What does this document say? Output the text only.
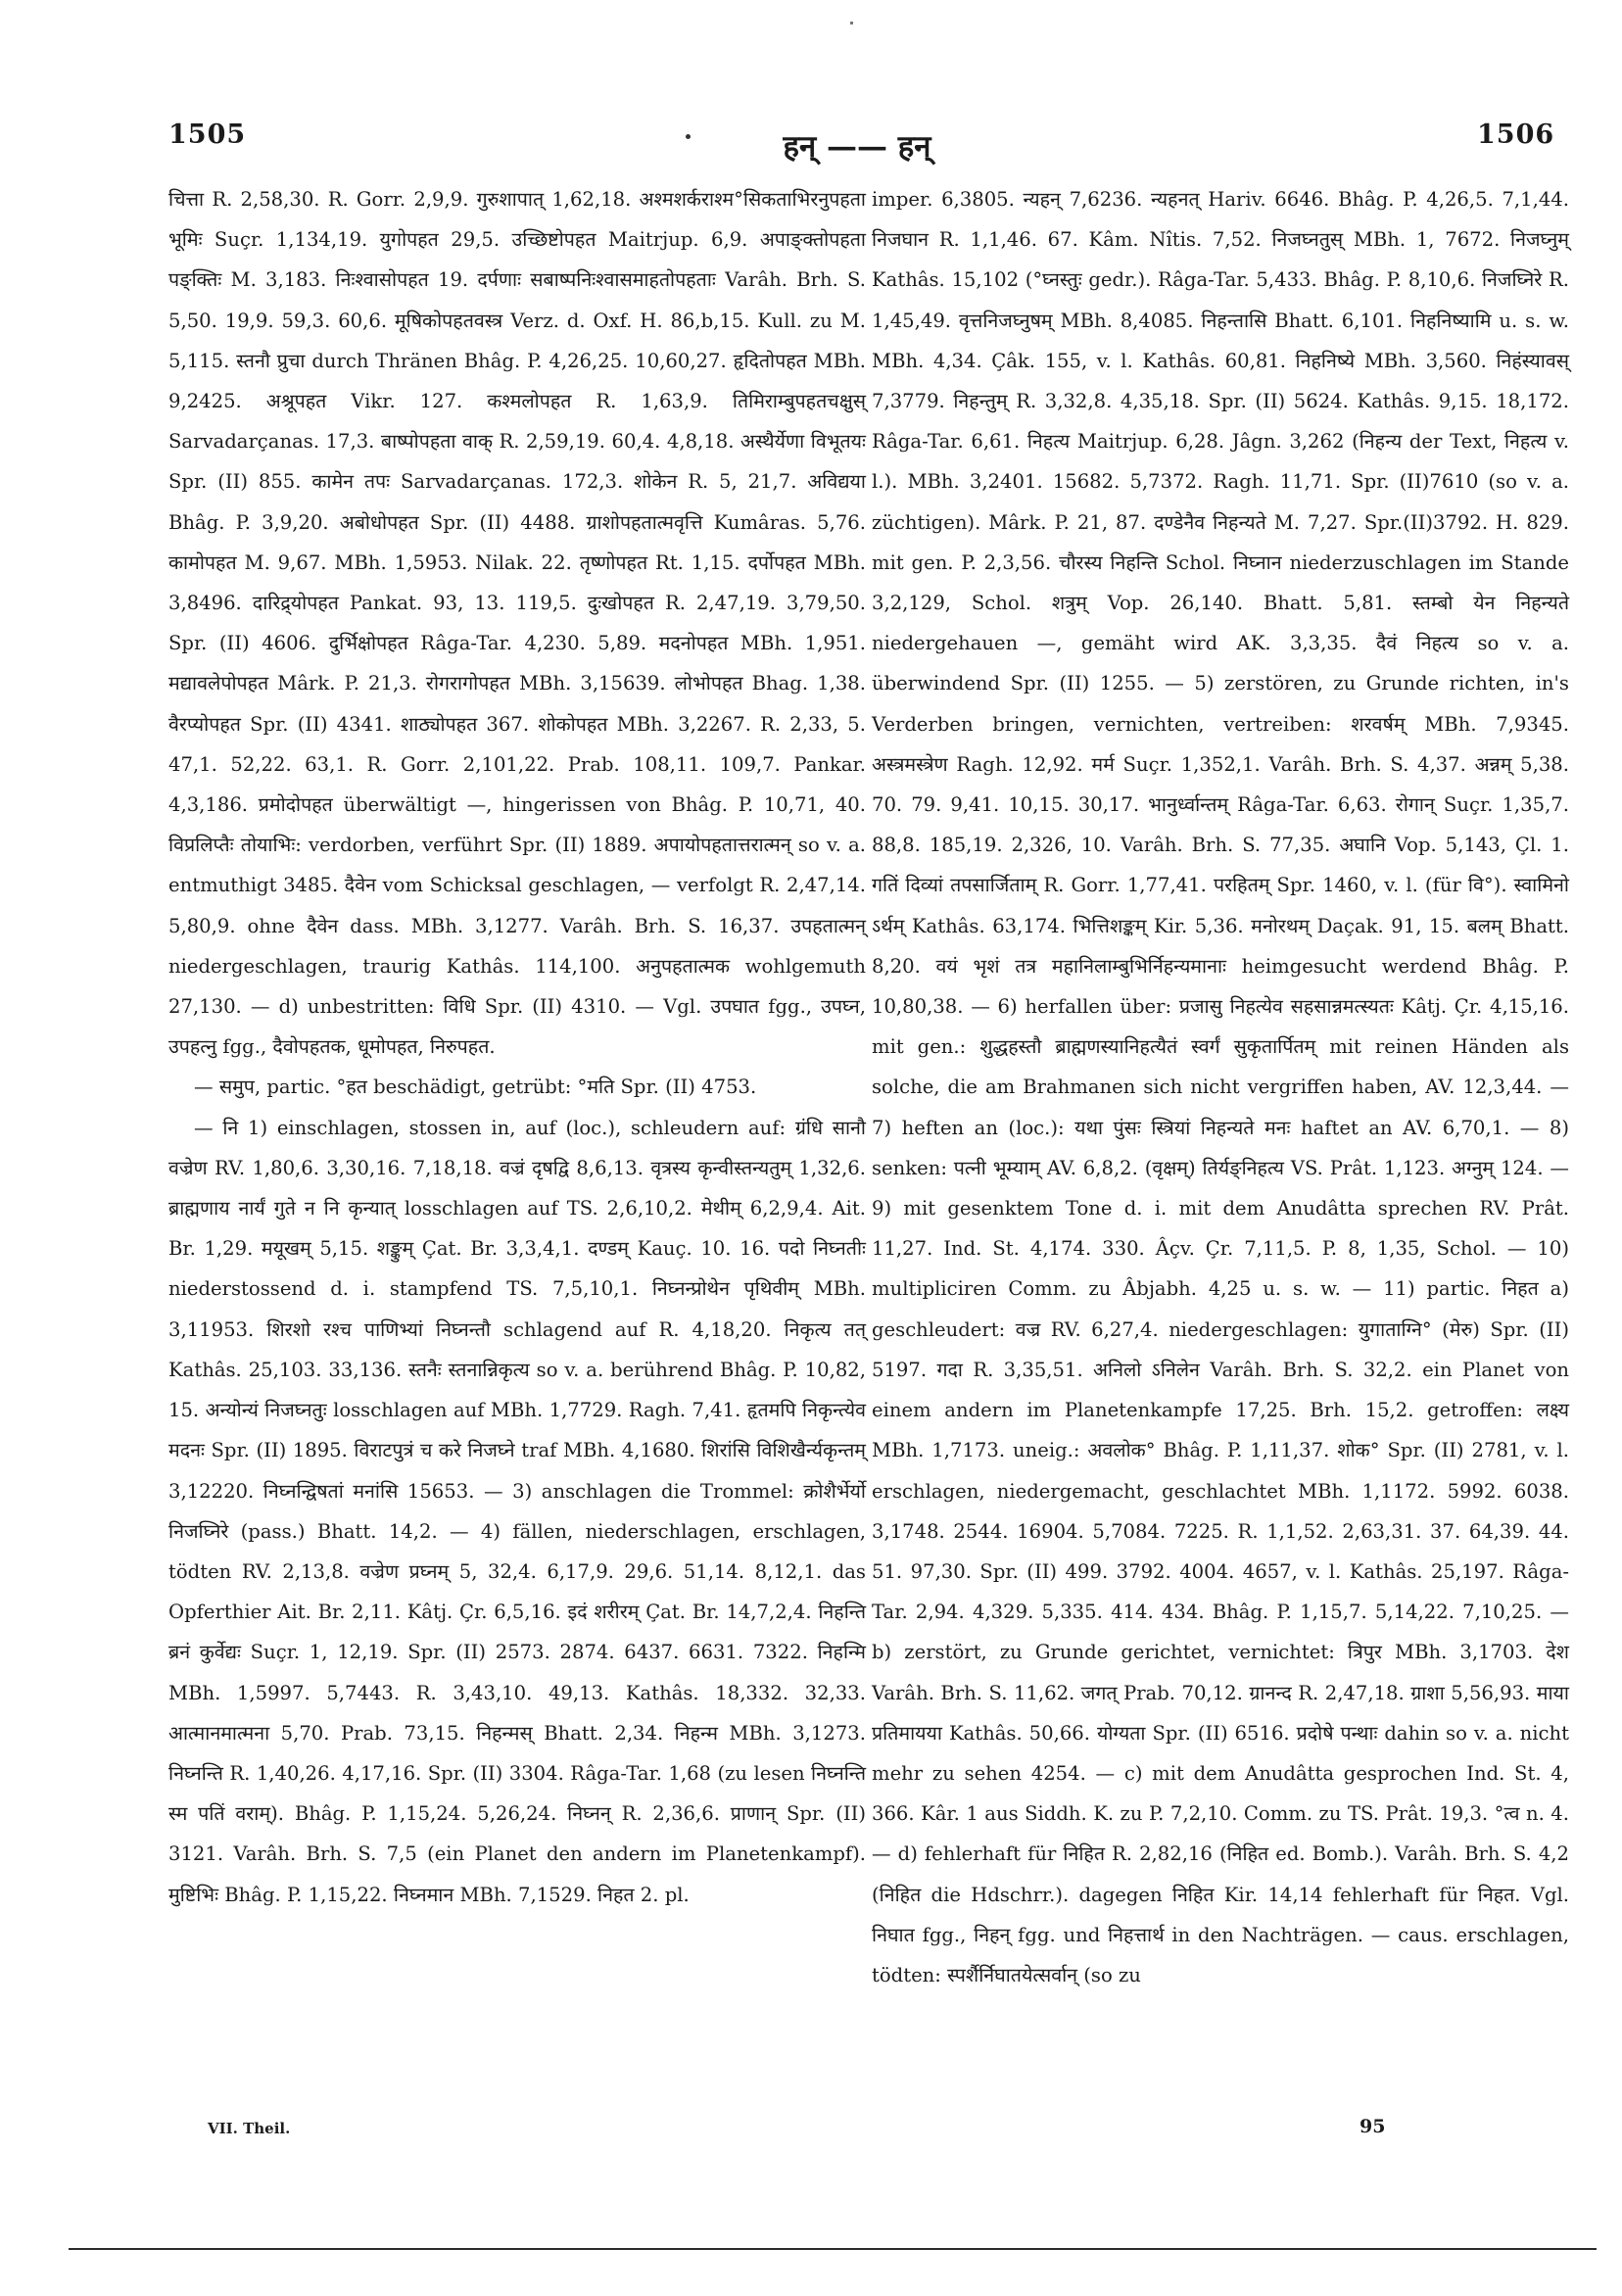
1505	हन् —— हन्	1506

चित्ता R. 2,58,30. R. Gorr. 2,9,9. गुरुशापात् 1,62,18. अश्मशर्कराश्म°सिकताभिरनुपहता भूमिः Suçr. 1,134,19. युगोपहत 29,5. उच्छिष्टोपहत Maitrjup. 6,9. अपाङ्क्तोपहता पङ्क्तिः M. 3,183. निःश्वासोपहत 19. दर्पणाः सबाष्पनिःश्वासमाहतोपहताः Varâh. Brh. S. 5,50. 19,9. 59,3. 60,6. मूषिकोपहतवस्त्र Verz. d. Oxf. H. 86,b,15. Kull. zu M. 5,115. स्तनौ प्रुचा durch Thränen Bhâg. P. 4,26,25. 10,60,27. हृदितोपहत MBh. 9,2425. अश्रूपहत Vikr. 127. कश्मलोपहत R. 1,63,9. तिमिराम्बुपहतचक्षुस् Sarvadarçanas. 17,3. बाष्पोपहता वाक् R. 2,59,19. 60,4. 4,8,18. अस्थैर्येणा विभूतयः Spr. (II) 855. कामेन तपः Sarvadarçanas. 172,3. शोकेन R. 5, 21,7. अविद्यया Bhâg. P. 3,9,20. अबोधोपहत Spr. (II) 4488. ग्राशोपहतात्मवृत्ति Kumâras. 5,76. कामोपहत M. 9,67. MBh. 1,5953. Nilak. 22. तृष्णोपहत Rt. 1,15. दर्पोपहत MBh. 3,8496. दारिद्र्योपहत Pankat. 93, 13. 119,5. दुःखोपहत R. 2,47,19. 3,79,50. Spr. (II) 4606. दुर्भिक्षोपहत Râga-Tar. 4,230. 5,89. मदनोपहत MBh. 1,951. मद्यावलेपोपहत Mârk. P. 21,3. रोगरागोपहत MBh. 3,15639. लोभोपहत Bhag. 1,38. वैरप्योपहत Spr. (II) 4341. शाठ्योपहत 367. शोकोपहत MBh. 3,2267. R. 2,33, 5. 47,1. 52,22. 63,1. R. Gorr. 2,101,22. Prab. 108,11. 109,7. Pankar. 4,3,186. प्रमोदोपहत überwältigt —, hingerissen von Bhâg. P. 10,71, 40. विप्रलिप्तैः तोयाभिः: verdorben, verführt Spr. (II) 1889. अपायोपहतात्तरात्मन् so v. a. entmuthigt 3485. दैवेन vom Schicksal geschlagen, — verfolgt R. 2,47,14. 5,80,9. ohne दैवेन dass. MBh. 3,1277. Varâh. Brh. S. 16,37. उपहतात्मन् niedergeschlagen, traurig Kathâs. 114,100. अनुपहतात्मक wohlgemuth 27,130. — d) unbestritten: विधि Spr. (II) 4310. — Vgl. उपघात fgg., उपघ्न, उपहत्नु fgg., दैवोपहतक, धूमोपहत, निरुपहत.

— समुप, partic. °हत beschädigt, getrübt: °मति Spr. (II) 4753.

— नि 1) einschlagen, stossen in, auf (loc.), schleudern auf: ग्रंधि सानौ वज्रेण RV. 1,80,6. 3,30,16. 7,18,18. वज्रं दृषद्वि 8,6,13. वृत्रस्य कृन्वीस्तन्यतुम् 1,32,6. ब्राह्मणाय नार्यं गुते न नि कृन्यात् losschlagen auf TS. 2,6,10,2. मेथीम् 6,2,9,4. Ait. Br. 1,29. मयूखम् 5,15. शङ्कुम् Çat. Br. 3,3,4,1. दण्डम् Kauç. 10. 16. पदो निघ्नतीः niederstossend d. i. stampfend TS. 7,5,10,1. निघ्नन्प्रोथेन पृथिवीम् MBh. 3,11953. शिरशो रश्च पाणिभ्यां निघ्नन्तौ schlagend auf R. 4,18,20. निकृत्य तत् Kathâs. 25,103. 33,136. स्तनैः स्तनान्निकृत्य so v. a. berührend Bhâg. P. 10,82, 15. अन्योन्यं निजघ्नतुः losschlagen auf MBh. 1,7729. Ragh. 7,41. हृतमपि निकृन्त्येव मदनः Spr. (II) 1895. विराटपुत्रं च करे निजघ्ने traf MBh. 4,1680. शिरांसि विशिखैर्न्यकृन्तम् 3,12220. निघ्नन्द्विषतां मनांसि 15653. — 3) anschlagen die Trommel: क्रोशैर्भेर्यो निजघ्निरे (pass.) Bhatt. 14,2. — 4) fällen, niederschlagen, erschlagen, tödten RV. 2,13,8. वज्रेण प्रघ्नम् 5, 32,4. 6,17,9. 29,6. 51,14. 8,12,1. das Opferthier Ait. Br. 2,11. Kâtj. Çr. 6,5,16. इदं शरीरम् Çat. Br. 14,7,2,4. निहन्ति ब्रनं कुर्वेद्यः Suçr. 1, 12,19. Spr. (II) 2573. 2874. 6437. 6631. 7322. निहन्मि MBh. 1,5997. 5,7443. R. 3,43,10. 49,13. Kathâs. 18,332. 32,33. आत्मानमात्मना 5,70. Prab. 73,15. निहन्मस् Bhatt. 2,34. निहन्म MBh. 3,1273. निघ्नन्ति R. 1,40,26. 4,17,16. Spr. (II) 3304. Râga-Tar. 1,68 (zu lesen निघ्नन्ति स्म पतिं वराम्). Bhâg. P. 1,15,24. 5,26,24. निघ्नन् R. 2,36,6. प्राणान् Spr. (II) 3121. Varâh. Brh. S. 7,5 (ein Planet den andern im Planetenkampf). मुष्टिभिः Bhâg. P. 1,15,22. निघ्नमान MBh. 7,1529. निहत 2. pl.

imper. 6,3805. न्यहन् 7,6236. न्यहनत् Hariv. 6646. Bhâg. P. 4,26,5. 7,1,44. निजघान R. 1,1,46. 67. Kâm. Nîtis. 7,52. निजघ्नतुस् MBh. 1, 7672. निजघ्नुम् Kathâs. 15,102 (°घ्नस्तुः gedr.). Râga-Tar. 5,433. Bhâg. P. 8,10,6. निजघ्निरे R. 1,45,49. वृत्तनिजघ्नुषम् MBh. 8,4085. निहन्तासि Bhatt. 6,101. निहनिष्यामि u. s. w. MBh. 4,34. Çâk. 155, v. l. Kathâs. 60,81. निहनिष्ये MBh. 3,560. निहंस्यावस् 7,3779. निहन्तुम् R. 3,32,8. 4,35,18. Spr. (II) 5624. Kathâs. 9,15. 18,172. Râga-Tar. 6,61. निहत्य Maitrjup. 6,28. Jâgn. 3,262 (निहन्य der Text, निहत्य v. l.). MBh. 3,2401. 15682. 5,7372. Ragh. 11,71. Spr. (II)7610 (so v. a. züchtigen). Mârk. P. 21, 87. दण्डेनैव निहन्यते M. 7,27. Spr.(II)3792. H. 829. mit gen. P. 2,3,56. चौरस्य निहन्ति Schol. निघ्नान niederzuschlagen im Stande 3,2,129, Schol. शत्रुम् Vop. 26,140. Bhatt. 5,81. स्तम्बो येन निहन्यते niedergehauen —, gemäht wird AK. 3,3,35. दैवं निहत्य so v. a. überwindend Spr. (II) 1255. — 5) zerstören, zu Grunde richten, in's Verderben bringen, vernichten, vertreiben: शरवर्षम् MBh. 7,9345. अस्त्रमस्त्रेण Ragh. 12,92. मर्म Suçr. 1,352,1. Varâh. Brh. S. 4,37. अन्नम् 5,38. 70. 79. 9,41. 10,15. 30,17. भानुर्ध्वान्तम् Râga-Tar. 6,63. रोगान् Suçr. 1,35,7. 88,8. 185,19. 2,326, 10. Varâh. Brh. S. 77,35. अघानि Vop. 5,143, Çl. 1. गतिं दिव्यां तपसार्जिताम् R. Gorr. 1,77,41. परहितम् Spr. 1460, v. l. (für वि°). स्वामिनो ऽर्थम् Kathâs. 63,174. भित्तिशङ्कम् Kir. 5,36. मनोरथम् Daçak. 91, 15. बलम् Bhatt. 8,20. वयं भृशं तत्र महानिलाम्बुभिर्निहन्यमानाः heimgesucht werdend Bhâg. P. 10,80,38. — 6) herfallen über: प्रजासु निहत्येव सहसान्नमत्स्यतः Kâtj. Çr. 4,15,16. mit gen.: शुद्धहस्तौ ब्राह्मणस्यानिहत्यैतं स्वर्गं सुकृतार्पितम् mit reinen Händen als solche, die am Brahmanen sich nicht vergriffen haben, AV. 12,3,44. — 7) heften an (loc.): यथा पुंसः स्त्रियां निहन्यते मनः haftet an AV. 6,70,1. — 8) senken: पत्नी भूम्याम् AV. 6,8,2. (वृक्षम्) तिर्यङ्निहत्य VS. Prât. 1,123. अग्नुम् 124. — 9) mit gesenktem Tone d. i. mit dem Anudâtta sprechen RV. Prât. 11,27. Ind. St. 4,174. 330. Âçv. Çr. 7,11,5. P. 8, 1,35, Schol. — 10) multipliciren Comm. zu Âbjabh. 4,25 u. s. w. — 11) partic. निहत a) geschleudert: वज्र RV. 6,27,4. niedergeschlagen: युगाताग्नि° (मेरु) Spr. (II) 5197. गदा R. 3,35,51. अनिलो ऽनिलेन Varâh. Brh. S. 32,2. ein Planet von einem andern im Planetenkampfe 17,25. Brh. 15,2. getroffen: लक्ष्य MBh. 1,7173. uneig.: अवलोक° Bhâg. P. 1,11,37. शोक° Spr. (II) 2781, v. l. erschlagen, niedergemacht, geschlachtet MBh. 1,1172. 5992. 6038. 3,1748. 2544. 16904. 5,7084. 7225. R. 1,1,52. 2,63,31. 37. 64,39. 44. 51. 97,30. Spr. (II) 499. 3792. 4004. 4657, v. l. Kathâs. 25,197. Râga-Tar. 2,94. 4,329. 5,335. 414. 434. Bhâg. P. 1,15,7. 5,14,22. 7,10,25. — b) zerstört, zu Grunde gerichtet, vernichtet: त्रिपुर MBh. 3,1703. देश Varâh. Brh. S. 11,62. जगत् Prab. 70,12. ग्रानन्द R. 2,47,18. ग्राशा 5,56,93. माया प्रतिमायया Kathâs. 50,66. योग्यता Spr. (II) 6516. प्रदोषे पन्थाः dahin so v. a. nicht mehr zu sehen 4254. — c) mit dem Anudâtta gesprochen Ind. St. 4, 366. Kâr. 1 aus Siddh. K. zu P. 7,2,10. Comm. zu TS. Prât. 19,3. °त्व n. 4. — d) fehlerhaft für निहित R. 2,82,16 (निहित ed. Bomb.). Varâh. Brh. S. 4,2 (निहित die Hdschrr.). dagegen निहित Kir. 14,14 fehlerhaft für निहत. Vgl. निघात fgg., निहन् fgg. und निहत्तार्थ in den Nachträgen. — caus. erschlagen, tödten: स्पर्शैर्निघातयेत्सर्वान् (so zu

VII. Theil.	95
